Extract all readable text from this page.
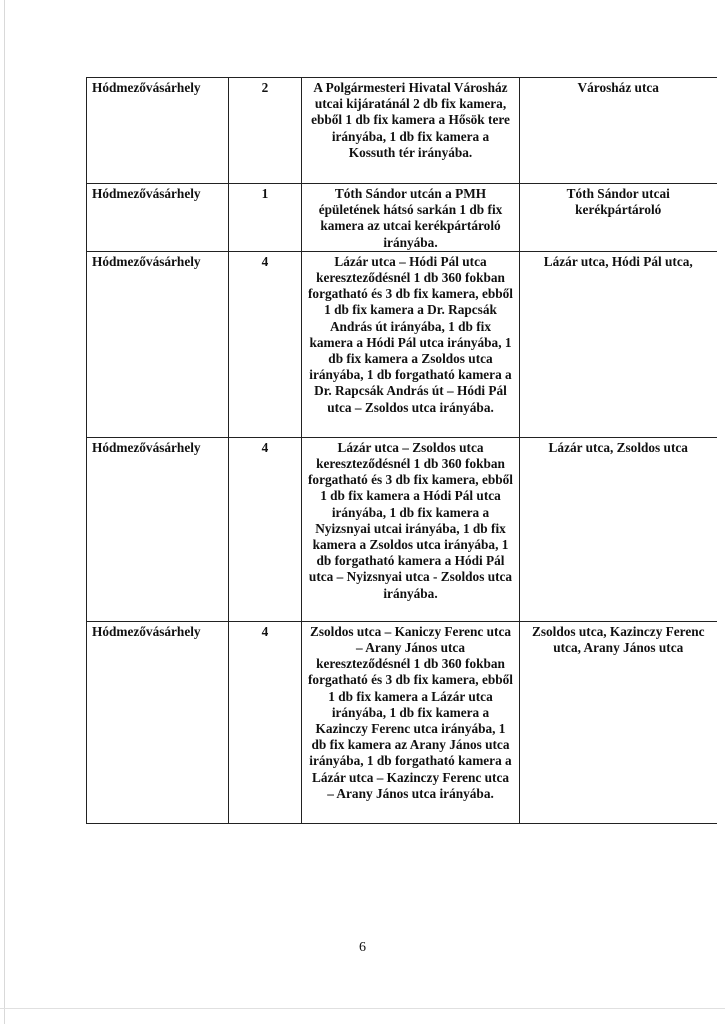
Hódmezővásárhely	2	A Polgármesteri Hivatal Városház utcai kijáratánál 2 db fix kamera, ebből 1 db fix kamera a Hősök tere irányába, 1 db fix kamera a Kossuth tér irányába.	Városház utca
Hódmezővásárhely	1	Tóth Sándor utcán a PMH épületének hátsó sarkán 1 db fix kamera az utcai kerékpártároló irányába.	Tóth Sándor utcai kerékpártároló
Hódmezővásárhely	4	Lázár utca – Hódi Pál utca kereszteződésnél 1 db 360 fokban forgatható és 3 db fix kamera, ebből 1 db fix kamera a Dr. Rapcsák András út irányába, 1 db fix kamera a Hódi Pál utca irányába, 1 db fix kamera a Zsoldos utca irányába, 1 db forgatható kamera a Dr. Rapcsák András út – Hódi Pál utca – Zsoldos utca irányába.	Lázár utca, Hódi Pál utca,
Hódmezővásárhely	4	Lázár utca – Zsoldos utca kereszteződésnél 1 db 360 fokban forgatható és 3 db fix kamera, ebből 1 db fix kamera a Hódi Pál utca irányába, 1 db fix kamera a Nyizsnyai utcai irányába, 1 db fix kamera a Zsoldos utca irányába, 1 db forgatható kamera a Hódi Pál utca – Nyizsnyai utca - Zsoldos utca irányába.	Lázár utca, Zsoldos utca
Hódmezővásárhely	4	Zsoldos utca – Kaniczy Ferenc utca – Arany János utca kereszteződésnél 1 db 360 fokban forgatható és 3 db fix kamera, ebből 1 db fix kamera a Lázár utca irányába, 1 db fix kamera a Kazinczy Ferenc utca irányába, 1 db fix kamera az Arany János utca irányába, 1 db forgatható kamera a Lázár utca – Kazinczy Ferenc utca – Arany János utca irányába.	Zsoldos utca, Kazinczy Ferenc utca, Arany János utca
6
